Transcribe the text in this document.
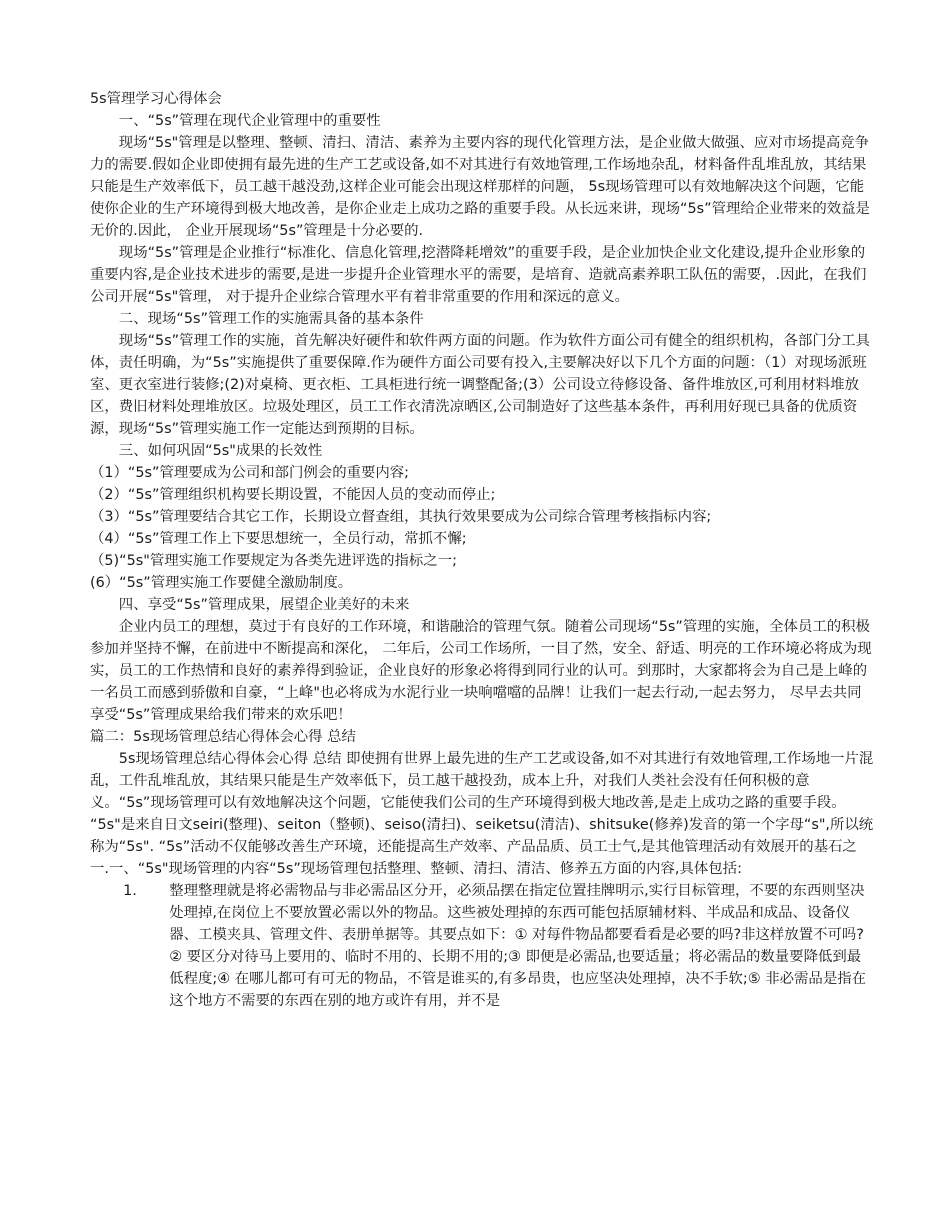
5s管理学习心得体会

一、“5s”管理在现代企业管理中的重要性

现场“5s"管理是以整理、整顿、清扫、清洁、素养为主要内容的现代化管理方法，是企业做大做强、应对市场提高竞争力的需要.假如企业即使拥有最先进的生产工艺或设备,如不对其进行有效地管理,工作场地杂乱，材料备件乱堆乱放，其结果只能是生产效率低下，员工越干越没劲,这样企业可能会出现这样那样的问题， 5s现场管理可以有效地解决这个问题，它能使你企业的生产环境得到极大地改善，是你企业走上成功之路的重要手段。从长远来讲，现场“5s”管理给企业带来的效益是无价的.因此， 企业开展现场“5s”管理是十分必要的.

现场“5s”管理是企业推行“标准化、信息化管理,挖潜降耗增效”的重要手段，是企业加快企业文化建设,提升企业形象的重要内容,是企业技术进步的需要,是进一步提升企业管理水平的需要，是培育、造就高素养职工队伍的需要，.因此，在我们公司开展“5s"管理， 对于提升企业综合管理水平有着非常重要的作用和深远的意义。

二、现场“5s”管理工作的实施需具备的基本条件

现场“5s”管理工作的实施，首先解决好硬件和软件两方面的问题。作为软件方面公司有健全的组织机构，各部门分工具体，责任明确，为“5s”实施提供了重要保障.作为硬件方面公司要有投入,主要解决好以下几个方面的问题：（1）对现场派班室、更衣室进行装修;(2)对桌椅、更衣柜、工具柜进行统一调整配备;(3）公司设立待修设备、备件堆放区,可利用材料堆放区，费旧材料处理堆放区。垃圾处理区，员工工作衣清洗凉晒区,公司制造好了这些基本条件，再利用好现已具备的优质资源，现场“5s”管理实施工作一定能达到预期的目标。

三、如何巩固“5s"成果的长效性

（1）“5s”管理要成为公司和部门例会的重要内容;

（2）“5s”管理组织机构要长期设置，不能因人员的变动而停止;

（3）“5s”管理要结合其它工作，长期设立督查组，其执行效果要成为公司综合管理考核指标内容;

（4）“5s”管理工作上下要思想统一，全员行动，常抓不懈;

（5)“5s"管理实施工作要规定为各类先进评选的指标之一;

(6）“5s”管理实施工作要健全激励制度。

四、享受“5s”管理成果，展望企业美好的未来

企业内员工的理想，莫过于有良好的工作环境，和谐融洽的管理气氛。随着公司现场“5s”管理的实施，全体员工的积极参加并坚持不懈，在前进中不断提高和深化， 二年后，公司工作场所，一目了然，安全、舒适、明亮的工作环境必将成为现实，员工的工作热情和良好的素养得到验证，企业良好的形象必将得到同行业的认可。到那时，大家都将会为自己是上峰的一名员工而感到骄傲和自豪，“上峰"也必将成为水泥行业一块响噹噹的品牌！让我们一起去行动,一起去努力， 尽早去共同享受“5s”管理成果给我们带来的欢乐吧！

篇二：5s现场管理总结心得体会心得 总结

5s现场管理总结心得体会心得 总结 即使拥有世界上最先进的生产工艺或设备,如不对其进行有效地管理,工作场地一片混乱，工件乱堆乱放，其结果只能是生产效率低下，员工越干越投劲，成本上升，对我们人类社会没有任何积极的意义。“5s”现场管理可以有效地解决这个问题，它能使我们公司的生产环境得到极大地改善,是走上成功之路的重要手段。 “5s"是来自日文seiri(整理)、seiton（整顿)、seiso(清扫)、seiketsu(清洁)、shitsuke(修养)发音的第一个字母“s",所以统称为“5s". “5s”活动不仅能够改善生产环境，还能提高生产效率、产品品质、员工士气,是其他管理活动有效展开的基石之一.一、“5s"现场管理的内容“5s”现场管理包括整理、整顿、清扫、清洁、修养五方面的内容,具体包括:

1.	整理整理就是将必需物品与非必需品区分开，必须品摆在指定位置挂牌明示,实行目标管理，不要的东西则坚决处理掉,在岗位上不要放置必需以外的物品。这些被处理掉的东西可能包括原辅材料、半成品和成品、设备仪器、工模夹具、管理文件、表册单据等。其要点如下：① 对每件物品都要看看是必要的吗?非这样放置不可吗?② 要区分对待马上要用的、临时不用的、长期不用的;③ 即便是必需品,也要适量；将必需品的数量要降低到最低程度;④ 在哪儿都可有可无的物品，不管是谁买的,有多昂贵，也应坚决处理掉，决不手软;⑤ 非必需品是指在这个地方不需要的东西在别的地方或许有用，并不是
